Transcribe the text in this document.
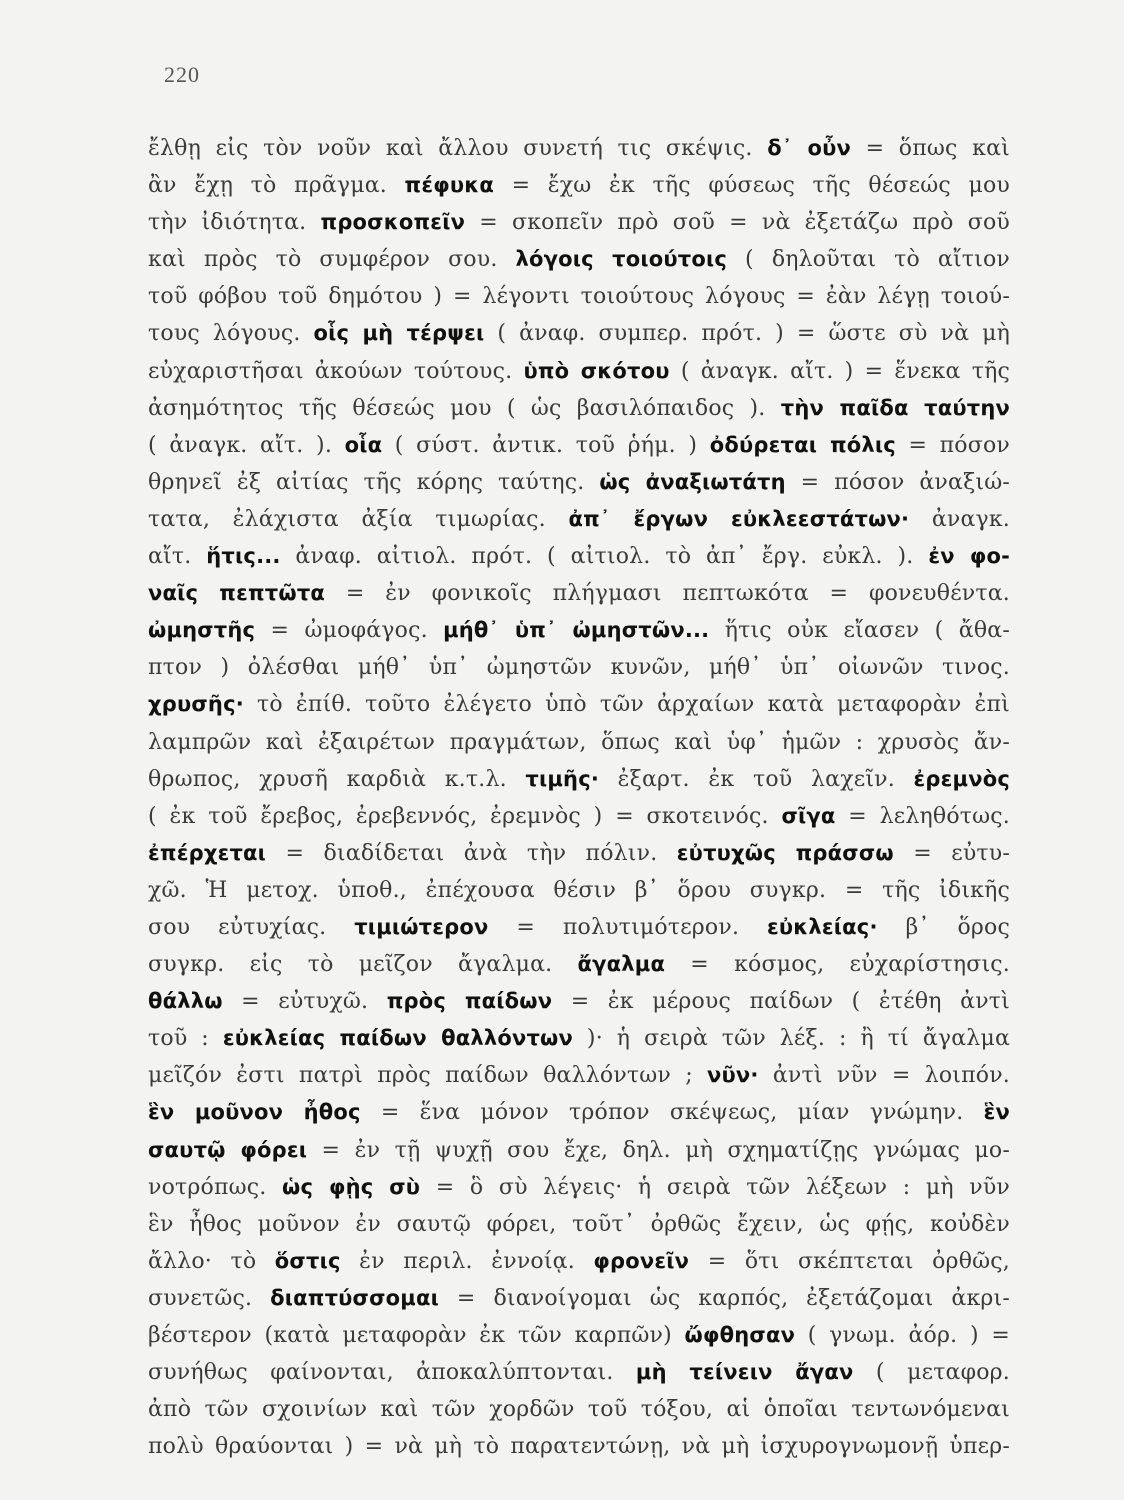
220
ἔλθῃ εἰς τὸν νοῦν καὶ ἄλλου συνετή τις σκέψις. δ᾽ οὖν = ὅπως καὶ
ἂν ἔχῃ τὸ πρᾶγμα. πέφυκα = ἔχω ἐκ τῆς φύσεως τῆς θέσεώς μου
τὴν ἰδιότητα. προσκοπεῖν = σκοπεῖν πρὸ σοῦ = νὰ ἐξετάζω πρὸ σοῦ
καὶ πρὸς τὸ συμφέρον σου. λόγοις τοιούτοις ( δηλοῦται τὸ αἴτιον
τοῦ φόβου τοῦ δημότου ) = λέγοντι τοιούτους λόγους = ἐὰν λέγῃ τοιού-
τους λόγους. οἷς μὴ τέρψει ( ἀναφ. συμπερ. πρότ. ) = ὥστε σὺ νὰ μὴ
εὐχαριστῆσαι ἀκούων τούτους. ὑπὸ σκότου ( ἀναγκ. αἴτ. ) = ἕνεκα τῆς
ἀσημότητος τῆς θέσεώς μου ( ὡς βασιλόπαιδος ). τὴν παῖδα ταύτην
( ἀναγκ. αἴτ. ). οἷα ( σύστ. ἀντικ. τοῦ ῥήμ. ) ὀδύρεται πόλις = πόσον
θρηνεῖ ἐξ αἰτίας τῆς κόρης ταύτης. ὡς ἀναξιωτάτη = πόσον ἀναξιώ-
τατα, ἐλάχιστα ἀξία τιμωρίας. ἀπ᾽ ἔργων εὐκλεεστάτων· ἀναγκ.
αἴτ. ἥτις... ἀναφ. αἰτιολ. πρότ. ( αἰτιολ. τὸ ἀπ᾽ ἔργ. εὐκλ. ). ἐν φο-
ναῖς πεπτῶτα = ἐν φονικοῖς πλήγμασι πεπτωκότα = φονευθέντα.
ὠμηστῆς = ὠμοφάγος. μήθ᾽ ὑπ᾽ ὠμηστῶν... ἥτις οὐκ εἴασεν ( ἄθα-
πτον ) ὀλέσθαι μήθ᾽ ὑπ᾽ ὠμηστῶν κυνῶν, μήθ᾽ ὑπ᾽ οἰωνῶν τινος.
χρυσῆς· τὸ ἐπίθ. τοῦτο ἐλέγετο ὑπὸ τῶν ἀρχαίων κατὰ μεταφορὰν ἐπὶ
λαμπρῶν καὶ ἐξαιρέτων πραγμάτων, ὅπως καὶ ὑφ᾽ ἡμῶν : χρυσὸς ἄν-
θρωπος, χρυσῆ καρδιὰ κ.τ.λ. τιμῆς· ἐξαρτ. ἐκ τοῦ λαχεῖν. ἐρεμνὸς
( ἐκ τοῦ ἔρεβος, ἐρεβεννός, ἐρεμνὸς ) = σκοτεινός. σῖγα = λεληθότως.
ἐπέρχεται = διαδίδεται ἀνὰ τὴν πόλιν. εὐτυχῶς πράσσω = εὐτυ-
χῶ. Ἡ μετοχ. ὑποθ., ἐπέχουσα θέσιν β᾽ ὅρου συγκρ. = τῆς ἰδικῆς
σου εὐτυχίας. τιμιώτερον = πολυτιμότερον. εὐκλείας· β᾽ ὅρος
συγκρ. εἰς τὸ μεῖζον ἄγαλμα. ἄγαλμα = κόσμος, εὐχαρίστησις.
θάλλω = εὐτυχῶ. πρὸς παίδων = ἐκ μέρους παίδων ( ἐτέθη ἀντὶ
τοῦ : εὐκλείας παίδων θαλλόντων )· ἡ σειρὰ τῶν λέξ. : ἢ τί ἄγαλμα
μεῖζόν ἐστι πατρὶ πρὸς παίδων θαλλόντων ; νῦν· ἀντὶ νῦν = λοιπόν.
ἓν μοῦνον ἦθος = ἕνα μόνον τρόπον σκέψεως, μίαν γνώμην. ἓν
σαυτῷ φόρει = ἐν τῇ ψυχῇ σου ἔχε, δηλ. μὴ σχηματίζῃς γνώμας μο-
νοτρόπως. ὡς φῂς σὺ = ὃ σὺ λέγεις· ἡ σειρὰ τῶν λέξεων : μὴ νῦν
ἓν ἦθος μοῦνον ἐν σαυτῷ φόρει, τοῦτ᾽ ὀρθῶς ἔχειν, ὡς φῄς, κοὐδὲν
ἄλλο· τὸ ὅστις ἐν περιλ. ἐννοίᾳ. φρονεῖν = ὅτι σκέπτεται ὀρθῶς,
συνετῶς. διαπτύσσομαι = διανοίγομαι ὡς καρπός, ἐξετάζομαι ἀκρι-
βέστερον (κατὰ μεταφορὰν ἐκ τῶν καρπῶν) ὤφθησαν ( γνωμ. ἀόρ. ) =
συνήθως φαίνονται, ἀποκαλύπτονται. μὴ τείνειν ἄγαν ( μεταφορ.
ἀπὸ τῶν σχοινίων καὶ τῶν χορδῶν τοῦ τόξου, αἱ ὁποῖαι τεντωνόμεναι
πολὺ θραύονται ) = νὰ μὴ τὸ παρατεντώνῃ, νὰ μὴ ἰσχυρογνωμονῇ ὑπερ-
